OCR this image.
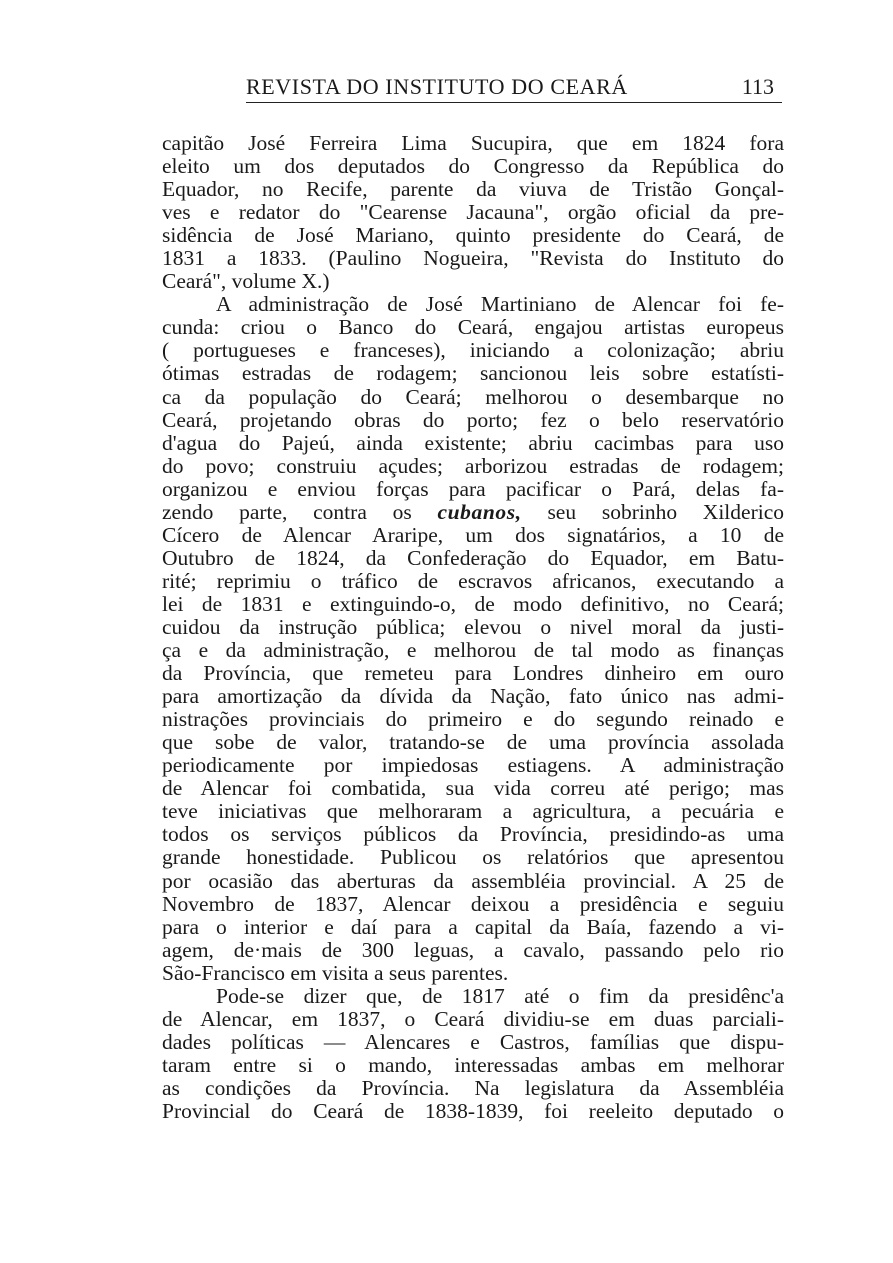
REVISTA DO INSTITUTO DO CEARÁ	113
capitão José Ferreira Lima Sucupira, que em 1824 fora
eleito um dos deputados do Congresso da República do
Equador, no Recife, parente da viuva de Tristão Gonçal-
ves e redator do "Cearense Jacauna", orgão oficial da pre-
sidência de José Mariano, quinto presidente do Ceará, de
1831 a 1833. (Paulino Nogueira, "Revista do Instituto do
Ceará", volume X.)
A administração de José Martiniano de Alencar foi fe-
cunda: criou o Banco do Ceará, engajou artistas europeus
( portugueses e franceses), iniciando a colonização; abriu
ótimas estradas de rodagem; sancionou leis sobre estatísti-
ca da população do Ceará; melhorou o desembarque no
Ceará, projetando obras do porto; fez o belo reservatório
d'agua do Pajeú, ainda existente; abriu cacimbas para uso
do povo; construiu açudes; arborizou estradas de rodagem;
organizou e enviou forças para pacificar o Pará, delas fa-
zendo parte, contra os cubanos, seu sobrinho Xilderico
Cícero de Alencar Araripe, um dos signatários, a 10 de
Outubro de 1824, da Confederação do Equador, em Batu-
rité; reprimiu o tráfico de escravos africanos, executando a
lei de 1831 e extinguindo-o, de modo definitivo, no Ceará;
cuidou da instrução pública; elevou o nivel moral da justi-
ça e da administração, e melhorou de tal modo as finanças
da Província, que remeteu para Londres dinheiro em ouro
para amortização da dívida da Nação, fato único nas admi-
nistrações provinciais do primeiro e do segundo reinado e
que sobe de valor, tratando-se de uma província assolada
periodicamente por impiedosas estiagens. A administração
de Alencar foi combatida, sua vida correu até perigo; mas
teve iniciativas que melhoraram a agricultura, a pecuária e
todos os serviços públicos da Província, presidindo-as uma
grande honestidade. Publicou os relatórios que apresentou
por ocasião das aberturas da assembléia provincial. A 25 de
Novembro de 1837, Alencar deixou a presidência e seguiu
para o interior e daí para a capital da Baía, fazendo a vi-
agem, de·mais de 300 leguas, a cavalo, passando pelo rio
São-Francisco em visita a seus parentes.
Pode-se dizer que, de 1817 até o fim da presidênc'a
de Alencar, em 1837, o Ceará dividiu-se em duas parciali-
dades políticas — Alencares e Castros, famílias que dispu-
taram entre si o mando, interessadas ambas em melhorar
as condições da Província. Na legislatura da Assembléia
Provincial do Ceará de 1838-1839, foi reeleito deputado o
